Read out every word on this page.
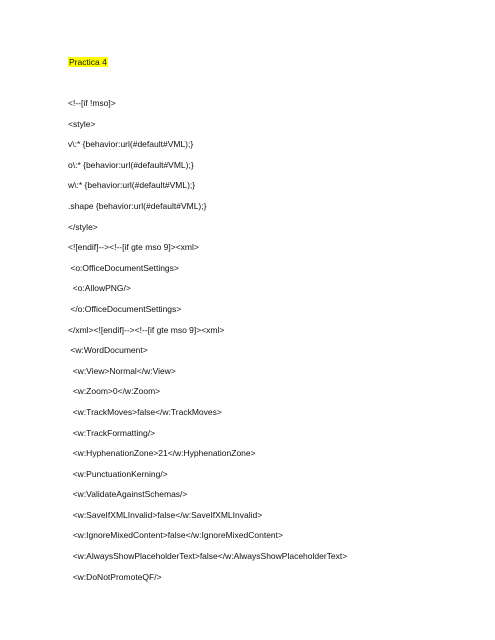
Practica 4
<!--[if !mso]>
<style>
v\:* {behavior:url(#default#VML);}
o\:* {behavior:url(#default#VML);}
w\:* {behavior:url(#default#VML);}
.shape {behavior:url(#default#VML);}
</style>
<![endif]--><!--[if gte mso 9]><xml>
<o:OfficeDocumentSettings>
<o:AllowPNG/>
</o:OfficeDocumentSettings>
</xml><![endif]--><!--[if gte mso 9]><xml>
<w:WordDocument>
<w:View>Normal</w:View>
<w:Zoom>0</w:Zoom>
<w:TrackMoves>false</w:TrackMoves>
<w:TrackFormatting/>
<w:HyphenationZone>21</w:HyphenationZone>
<w:PunctuationKerning/>
<w:ValidateAgainstSchemas/>
<w:SaveIfXMLInvalid>false</w:SaveIfXMLInvalid>
<w:IgnoreMixedContent>false</w:IgnoreMixedContent>
<w:AlwaysShowPlaceholderText>false</w:AlwaysShowPlaceholderText>
<w:DoNotPromoteQF/>
